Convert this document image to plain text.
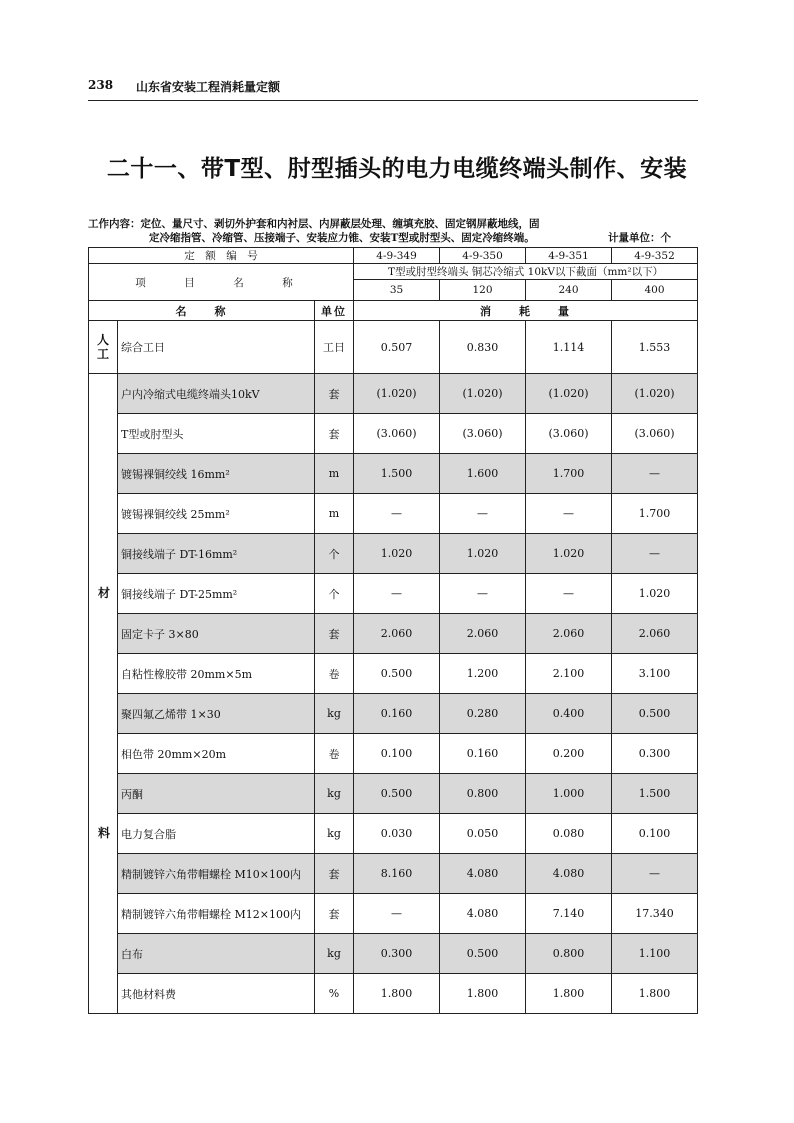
238 山东省安装工程消耗量定额
二十一、带T型、肘型插头的电力电缆终端头制作、安装
工作内容：定位、量尺寸、剥切外护套和内衬层、内屏蔽层处理、缠填充胶、固定钢屏蔽地线，固
定冷缩指管、冷缩管、压接端子、安装应力锥、安装T型或肘型头、固定冷缩终端。	计量单位：个
定　额　编　号			4-9-349	4-9-350	4-9-351	4-9-352
项　目　名　称			T型或肘型终端头 铜芯冷缩式 10kV以下截面（mm²以下）			
			35	120	240	400
名　　称		单位	消　　耗　　量			
人工	综合工日	工日	0.507	0.830	1.114	1.553

材
料	户内冷缩式电缆终端头10kV	套	(1.020)	(1.020)	(1.020)	(1.020)
	T型或肘型头	套	(3.060)	(3.060)	(3.060)	(3.060)
	镀锡裸铜绞线 16mm²	m	1.500	1.600	1.700	—
	镀锡裸铜绞线 25mm²	m	—	—	—	1.700
	铜接线端子 DT-16mm²	个	1.020	1.020	1.020	—
	铜接线端子 DT-25mm²	个	—	—	—	1.020
	固定卡子 3×80	套	2.060	2.060	2.060	2.060
	自粘性橡胶带 20mm×5m	卷	0.500	1.200	2.100	3.100
	聚四氟乙烯带 1×30	kg	0.160	0.280	0.400	0.500
	相色带 20mm×20m	卷	0.100	0.160	0.200	0.300
	丙酮	kg	0.500	0.800	1.000	1.500
	电力复合脂	kg	0.030	0.050	0.080	0.100
	精制镀锌六角带帽螺栓 M10×100内	套	8.160	4.080	4.080	—
	精制镀锌六角带帽螺栓 M12×100内	套	—	4.080	7.140	17.340
	白布	kg	0.300	0.500	0.800	1.100
	其他材料费	%	1.800	1.800	1.800	1.800
